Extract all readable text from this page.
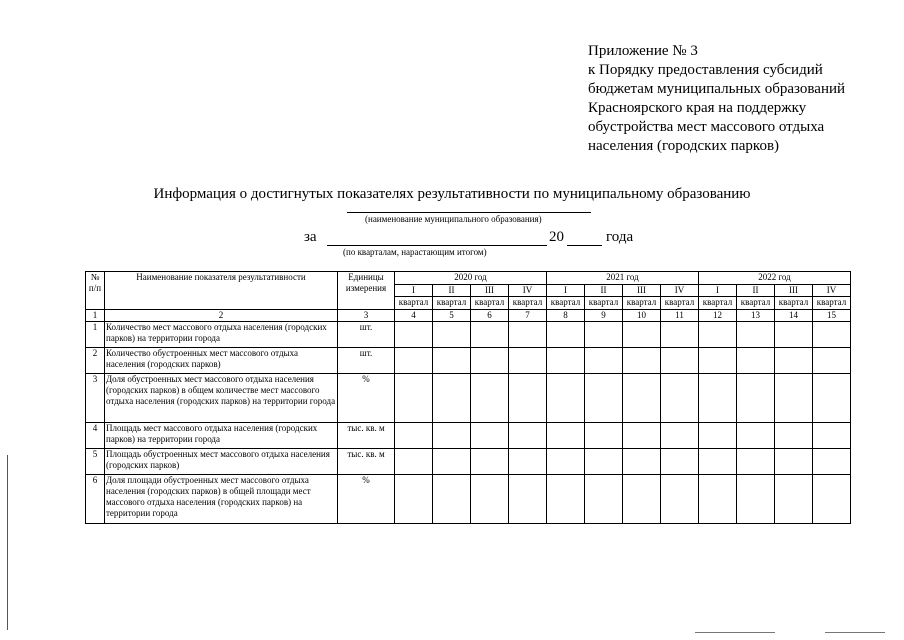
Приложение № 3
к Порядку предоставления субсидий
бюджетам муниципальных образований
Красноярского края на поддержку
обустройства мест массового отдыха
населения (городских парков)
Информация о достигнутых показателях результативности по муниципальному образованию
(наименование муниципального образования)
за	20	года
(по кварталам, нарастающим итогом)
№ п/п	Наименование показателя результативности	Единицы измерения	2020 год				2021 год				2022 год			
			I	II	III	IV	I	II	III	IV	I	II	III	IV
			квартал	квартал	квартал	квартал	квартал	квартал	квартал	квартал	квартал	квартал	квартал	квартал
1	2	3	4	5	6	7	8	9	10	11	12	13	14	15
1	Количество мест массового отдыха населения (городских парков) на территории города	шт.												
2	Количество обустроенных мест массового отдыха населения (городских парков)	шт.												
3	Доля обустроенных мест массового отдыха населения (городских парков) в общем количестве мест массового отдыха населения (городских парков) на территории города	%												
4	Площадь мест массового отдыха населения (городских парков) на территории города	тыс. кв. м												
5	Площадь обустроенных мест массового отдыха населения (городских парков)	тыс. кв. м												
6	Доля площади обустроенных мест массового отдыха населения (городских парков) в общей площади мест массового отдыха населения (городских парков) на территории города	%												
